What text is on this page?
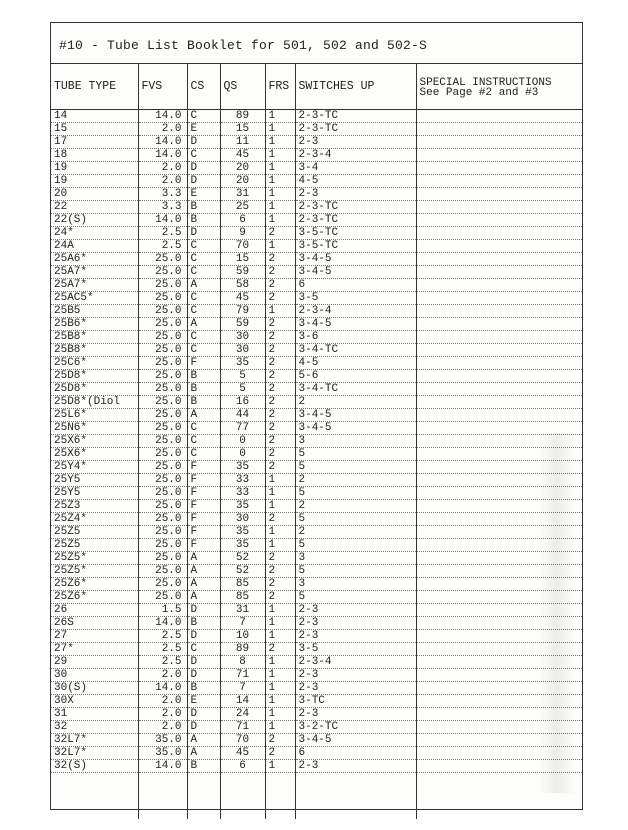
#10 - Tube List Booklet for 501, 502 and 502-S
TUBE TYPE	FVS	CS	QS	FRS	SWITCHES UP	SPECIAL INSTRUCTIONS
See Page #2 and #3

14	14.0	C	89	1	2-3-TC	
15	2.0	E	15	1	2-3-TC	
17	14.0	D	11	1	2-3	
18	14.0	C	45	1	2-3-4	
19	2.0	D	20	1	3-4	
19	2.0	D	20	1	4-5	
20	3.3	E	31	1	2-3	
22	3.3	B	25	1	2-3-TC	
22(S)	14.0	B	6	1	2-3-TC	
24*	2.5	D	9	2	3-5-TC	
24A	2.5	C	70	1	3-5-TC	
25A6*	25.0	C	15	2	3-4-5	
25A7*	25.0	C	59	2	3-4-5	
25A7*	25.0	A	58	2	6	
25AC5*	25.0	C	45	2	3-5	
25B5	25.0	C	79	1	2-3-4	
25B6*	25.0	A	59	2	3-4-5	
25B8*	25.0	C	30	2	3-6	
25B8*	25.0	C	30	2	3-4-TC	
25C6*	25.0	F	35	2	4-5	
25D8*	25.0	B	5	2	5-6	
25D8*	25.0	B	5	2	3-4-TC	
25D8*(Diol	25.0	B	16	2	2	
25L6*	25.0	A	44	2	3-4-5	
25N6*	25.0	C	77	2	3-4-5	
25X6*	25.0	C	0	2	3	
25X6*	25.0	C	0	2	5	
25Y4*	25.0	F	35	2	5	
25Y5	25.0	F	33	1	2	
25Y5	25.0	F	33	1	5	
25Z3	25.0	F	35	1	2	
25Z4*	25.0	F	30	2	5	
25Z5	25.0	F	35	1	2	
25Z5	25.0	F	35	1	5	
25Z5*	25.0	A	52	2	3	
25Z5*	25.0	A	52	2	5	
25Z6*	25.0	A	85	2	3	
25Z6*	25.0	A	85	2	5	
26	1.5	D	31	1	2-3	
26S	14.0	B	7	1	2-3	
27	2.5	D	10	1	2-3	
27*	2.5	C	89	2	3-5	
29	2.5	D	8	1	2-3-4	
30	2.0	D	71	1	2-3	
30(S)	14.0	B	7	1	2-3	
30X	2.0	E	14	1	3-TC	
31	2.0	D	24	1	2-3	
32	2.0	D	71	1	3-2-TC	
32L7*	35.0	A	70	2	3-4-5	
32L7*	35.0	A	45	2	6	
32(S)	14.0	B	6	1	2-3	
